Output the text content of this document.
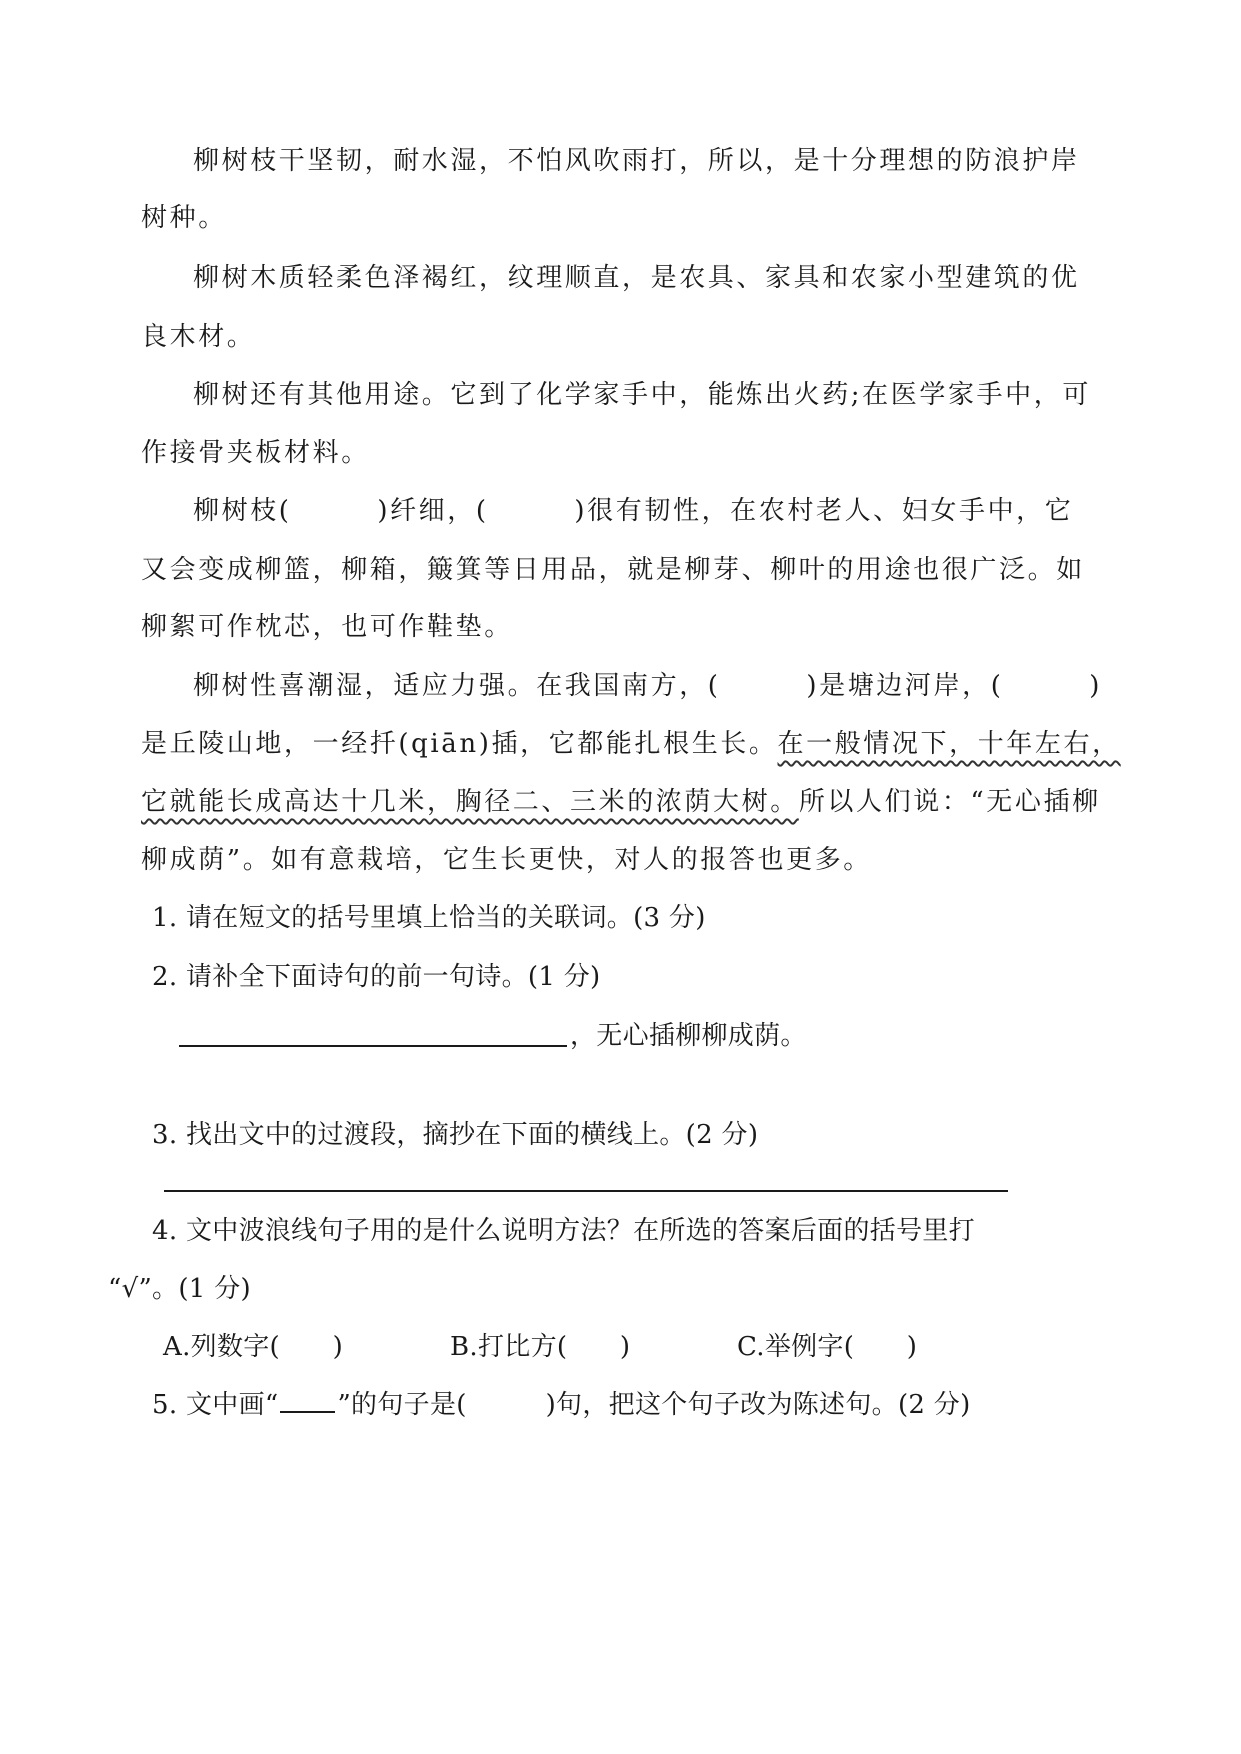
柳树枝干坚韧，耐水湿，不怕风吹雨打，所以，是十分理想的防浪护岸
树种。
柳树木质轻柔色泽褐红，纹理顺直，是农具、家具和农家小型建筑的优
良木材。
柳树还有其他用途。它到了化学家手中，能炼出火药;在医学家手中，可
作接骨夹板材料。
柳树枝(　　　)纤细，(　　　)很有韧性，在农村老人、妇女手中，它
又会变成柳篮，柳箱，簸箕等日用品，就是柳芽、柳叶的用途也很广泛。如
柳絮可作枕芯，也可作鞋垫。
柳树性喜潮湿，适应力强。在我国南方，(　　　)是塘边河岸，(　　　)
是丘陵山地，一经扦(qiān)插，它都能扎根生长。在一般情况下，十年左右，
它就能长成高达十几米，胸径二、三米的浓荫大树。所以人们说：“无心插柳
柳成荫”。如有意栽培，它生长更快，对人的报答也更多。
1. 请在短文的括号里填上恰当的关联词。(3 分)
2. 请补全下面诗句的前一句诗。(1 分)
，无心插柳柳成荫。
3. 找出文中的过渡段，摘抄在下面的横线上。(2 分)
4. 文中波浪线句子用的是什么说明方法？在所选的答案后面的括号里打
“√”。(1 分)
A.列数字(　　)	B.打比方(　　)	C.举例字(　　)
5. 文中画“ ”的句子是(　　　)句，把这个句子改为陈述句。(2 分)
